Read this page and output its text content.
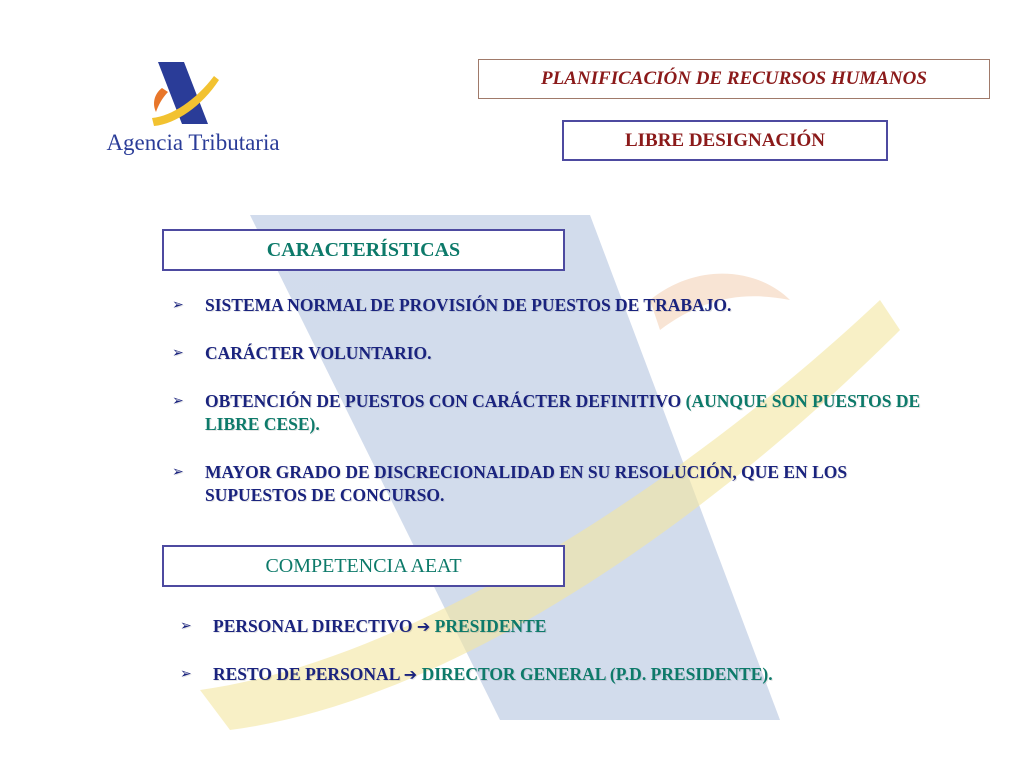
Agencia Tributaria
PLANIFICACIÓN DE RECURSOS HUMANOS
LIBRE DESIGNACIÓN
CARACTERÍSTICAS
➢ SISTEMA NORMAL DE PROVISIÓN DE PUESTOS DE TRABAJO.
➢ CARÁCTER VOLUNTARIO.
➢ OBTENCIÓN DE PUESTOS CON CARÁCTER DEFINITIVO (AUNQUE SON PUESTOS DE LIBRE CESE).
➢ MAYOR GRADO DE DISCRECIONALIDAD EN SU RESOLUCIÓN, QUE EN LOS SUPUESTOS DE CONCURSO.
COMPETENCIA AEAT
➢ PERSONAL DIRECTIVO ➔ PRESIDENTE
➢ RESTO DE PERSONAL ➔ DIRECTOR GENERAL (P.D. PRESIDENTE).
